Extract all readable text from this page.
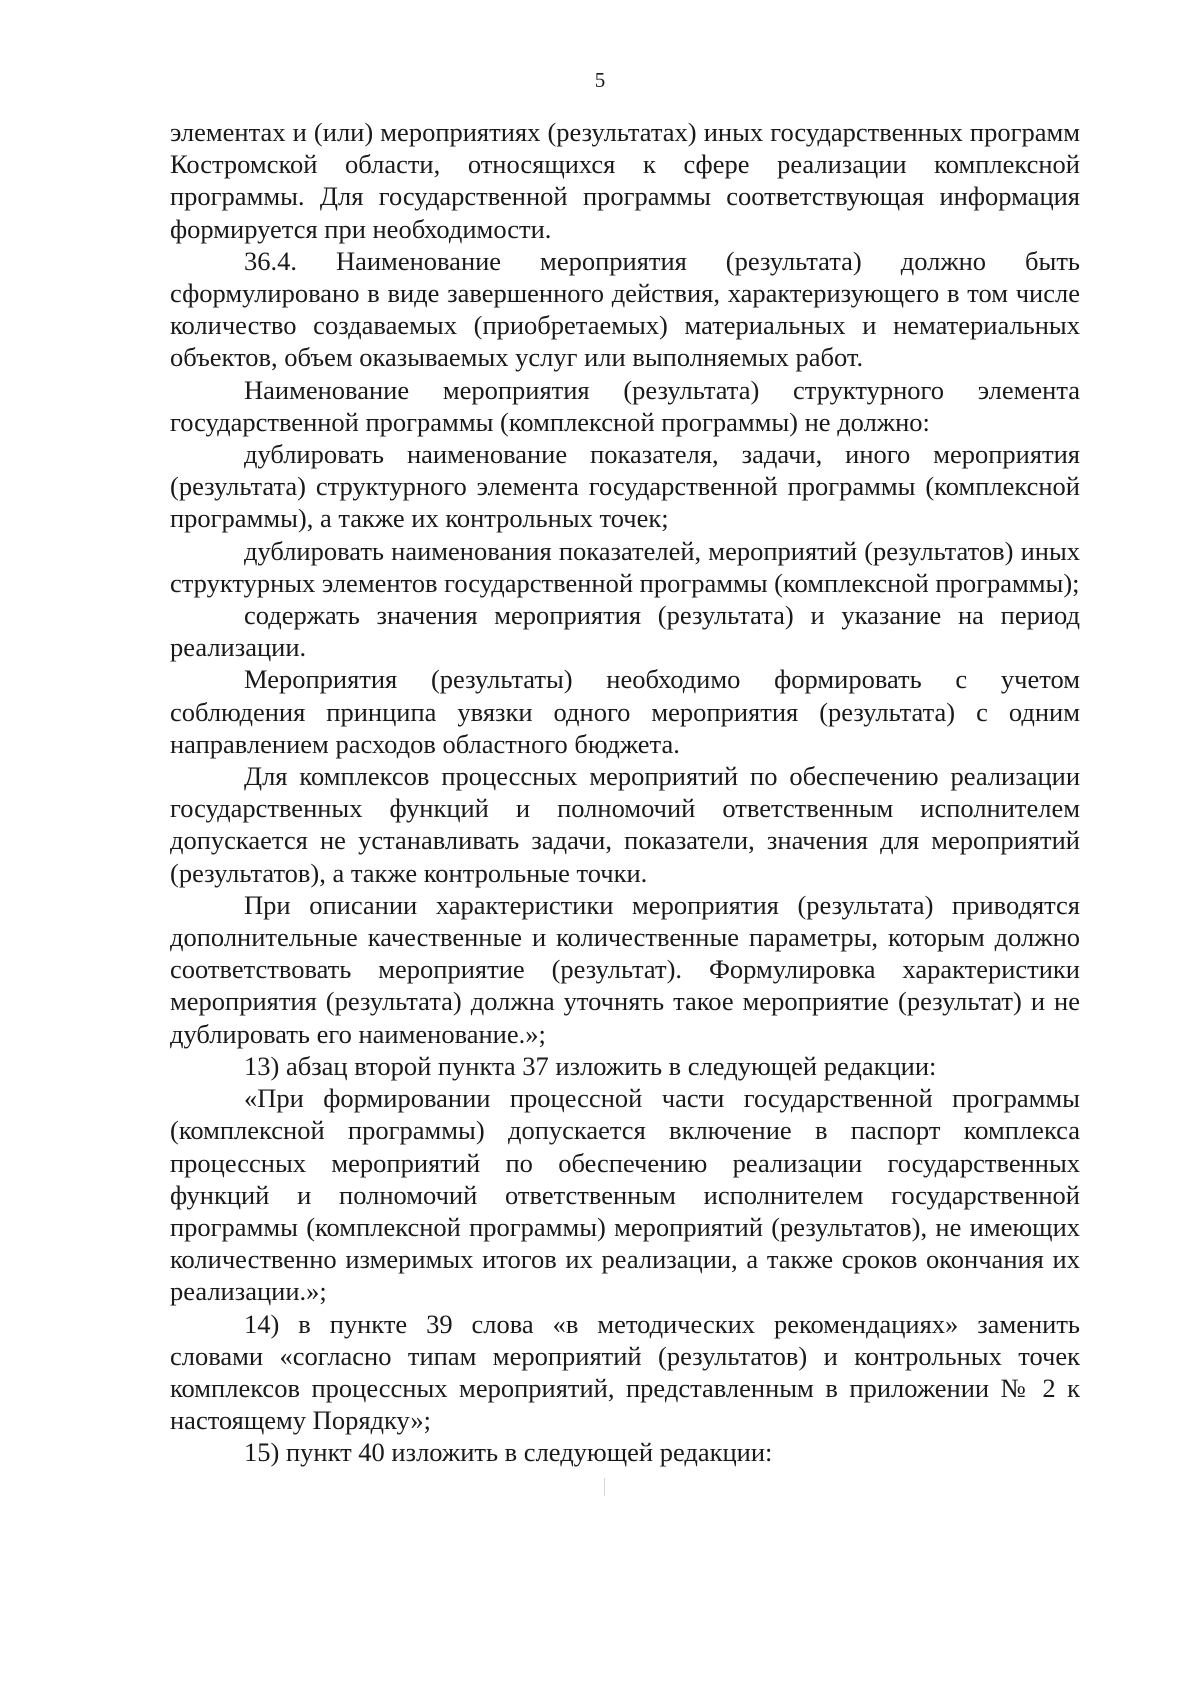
5

элементах и (или) мероприятиях (результатах) иных государственных программ Костромской области, относящихся к сфере реализации комплексной программы. Для государственной программы соответствующая информация формируется при необходимости.

36.4. Наименование мероприятия (результата) должно быть сформулировано в виде завершенного действия, характеризующего в том числе количество создаваемых (приобретаемых) материальных и нематериальных объектов, объем оказываемых услуг или выполняемых работ.

Наименование мероприятия (результата) структурного элемента государственной программы (комплексной программы) не должно:

дублировать наименование показателя, задачи, иного мероприятия (результата) структурного элемента государственной программы (комплексной программы), а также их контрольных точек;

дублировать наименования показателей, мероприятий (результатов) иных структурных элементов государственной программы (комплексной программы);

содержать значения мероприятия (результата) и указание на период реализации.

Мероприятия (результаты) необходимо формировать с учетом соблюдения принципа увязки одного мероприятия (результата) с одним направлением расходов областного бюджета.

Для комплексов процессных мероприятий по обеспечению реализации государственных функций и полномочий ответственным исполнителем допускается не устанавливать задачи, показатели, значения для мероприятий (результатов), а также контрольные точки.

При описании характеристики мероприятия (результата) приводятся дополнительные качественные и количественные параметры, которым должно соответствовать мероприятие (результат). Формулировка характеристики мероприятия (результата) должна уточнять такое мероприятие (результат) и не дублировать его наименование.»;

13) абзац второй пункта 37 изложить в следующей редакции:

«При формировании процессной части государственной программы (комплексной программы) допускается включение в паспорт комплекса процессных мероприятий по обеспечению реализации государственных функций и полномочий ответственным исполнителем государственной программы (комплексной программы) мероприятий (результатов), не имеющих количественно измеримых итогов их реализации, а также сроков окончания их реализации.»;

14) в пункте 39 слова «в методических рекомендациях» заменить словами «согласно типам мероприятий (результатов) и контрольных точек комплексов процессных мероприятий, представленным в приложении № 2 к настоящему Порядку»;

15) пункт 40 изложить в следующей редакции:
